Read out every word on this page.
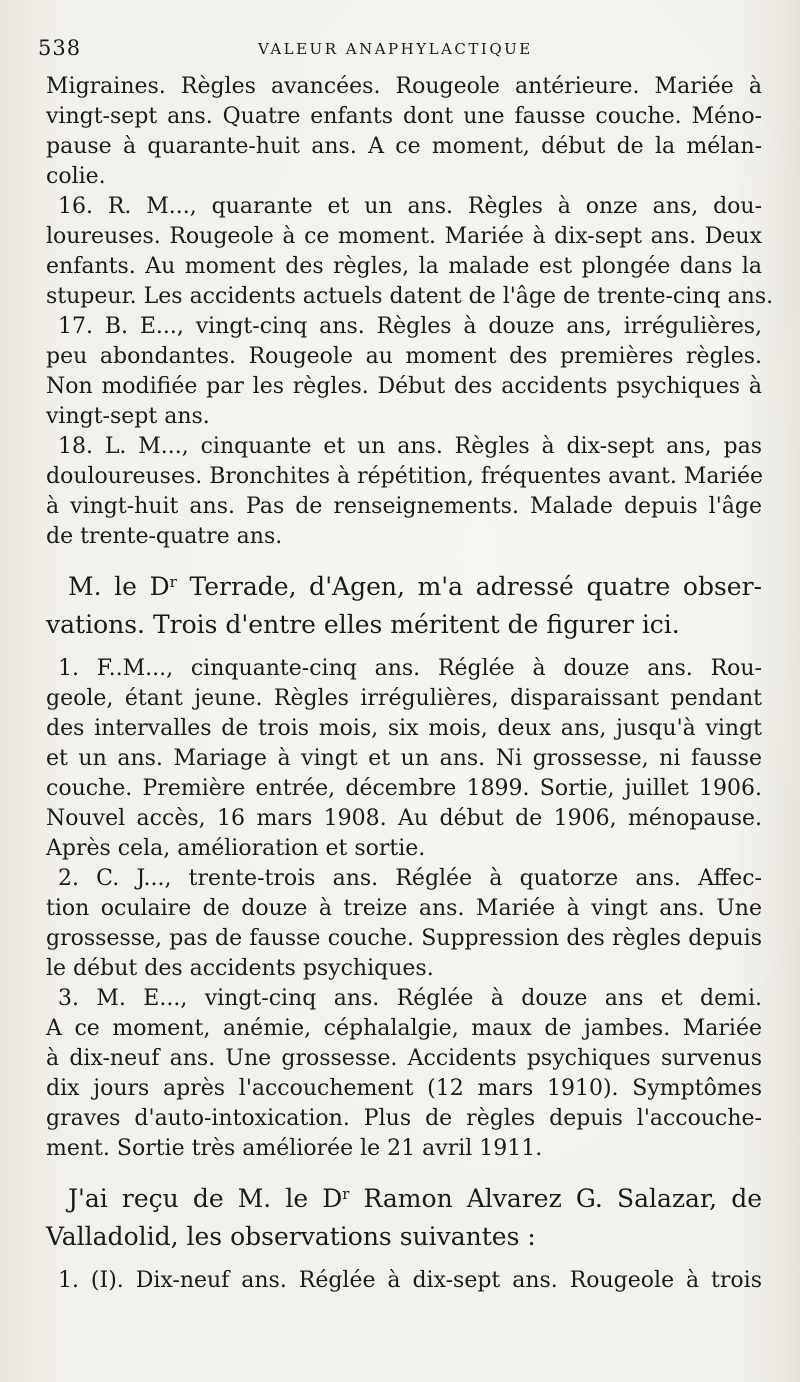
538	VALEUR ANAPHYLACTIQUE
Migraines. Règles avancées. Rougeole antérieure. Mariée à
vingt-sept ans. Quatre enfants dont une fausse couche. Méno-
pause à quarante-huit ans. A ce moment, début de la mélan-
colie.
16. R. M..., quarante et un ans. Règles à onze ans, dou-
loureuses. Rougeole à ce moment. Mariée à dix-sept ans. Deux
enfants. Au moment des règles, la malade est plongée dans la
stupeur. Les accidents actuels datent de l'âge de trente-cinq ans.
17. B. E..., vingt-cinq ans. Règles à douze ans, irrégulières,
peu abondantes. Rougeole au moment des premières règles.
Non modifiée par les règles. Début des accidents psychiques à
vingt-sept ans.
18. L. M..., cinquante et un ans. Règles à dix-sept ans, pas
douloureuses. Bronchites à répétition, fréquentes avant. Mariée
à vingt-huit ans. Pas de renseignements. Malade depuis l'âge
de trente-quatre ans.
M. le $D^r$ Terrade, d'Agen, m'a adressé quatre obser-
vations. Trois d'entre elles méritent de figurer ici.
1. F..M..., cinquante-cinq ans. Réglée à douze ans. Rou-
geole, étant jeune. Règles irrégulières, disparaissant pendant
des intervalles de trois mois, six mois, deux ans, jusqu'à vingt
et un ans. Mariage à vingt et un ans. Ni grossesse, ni fausse
couche. Première entrée, décembre 1899. Sortie, juillet 1906.
Nouvel accès, 16 mars 1908. Au début de 1906, ménopause.
Après cela, amélioration et sortie.
2. C. J..., trente-trois ans. Réglée à quatorze ans. Affec-
tion oculaire de douze à treize ans. Mariée à vingt ans. Une
grossesse, pas de fausse couche. Suppression des règles depuis
le début des accidents psychiques.
3. M. E..., vingt-cinq ans. Réglée à douze ans et demi.
A ce moment, anémie, céphalalgie, maux de jambes. Mariée
à dix-neuf ans. Une grossesse. Accidents psychiques survenus
dix jours après l'accouchement (12 mars 1910). Symptômes
graves d'auto-intoxication. Plus de règles depuis l'accouche-
ment. Sortie très améliorée le 21 avril 1911.
J'ai reçu de M. le $D^r$ Ramon Alvarez G. Salazar, de
Valladolid, les observations suivantes :
1. (I). Dix-neuf ans. Réglée à dix-sept ans. Rougeole à trois
